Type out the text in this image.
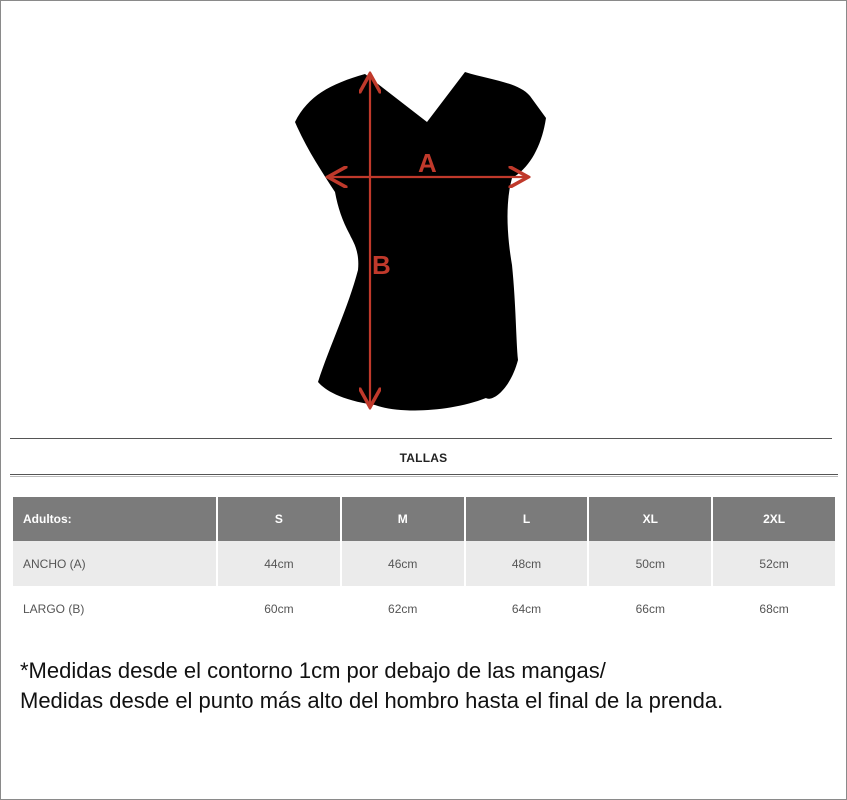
A
B
TALLAS
Adultos:	S	M	L	XL	2XL
ANCHO (A)	44cm	46cm	48cm	50cm	52cm
LARGO (B)	60cm	62cm	64cm	66cm	68cm
*Medidas desde el contorno 1cm por debajo de las mangas/
Medidas desde el punto más alto del hombro hasta el final de la prenda.
